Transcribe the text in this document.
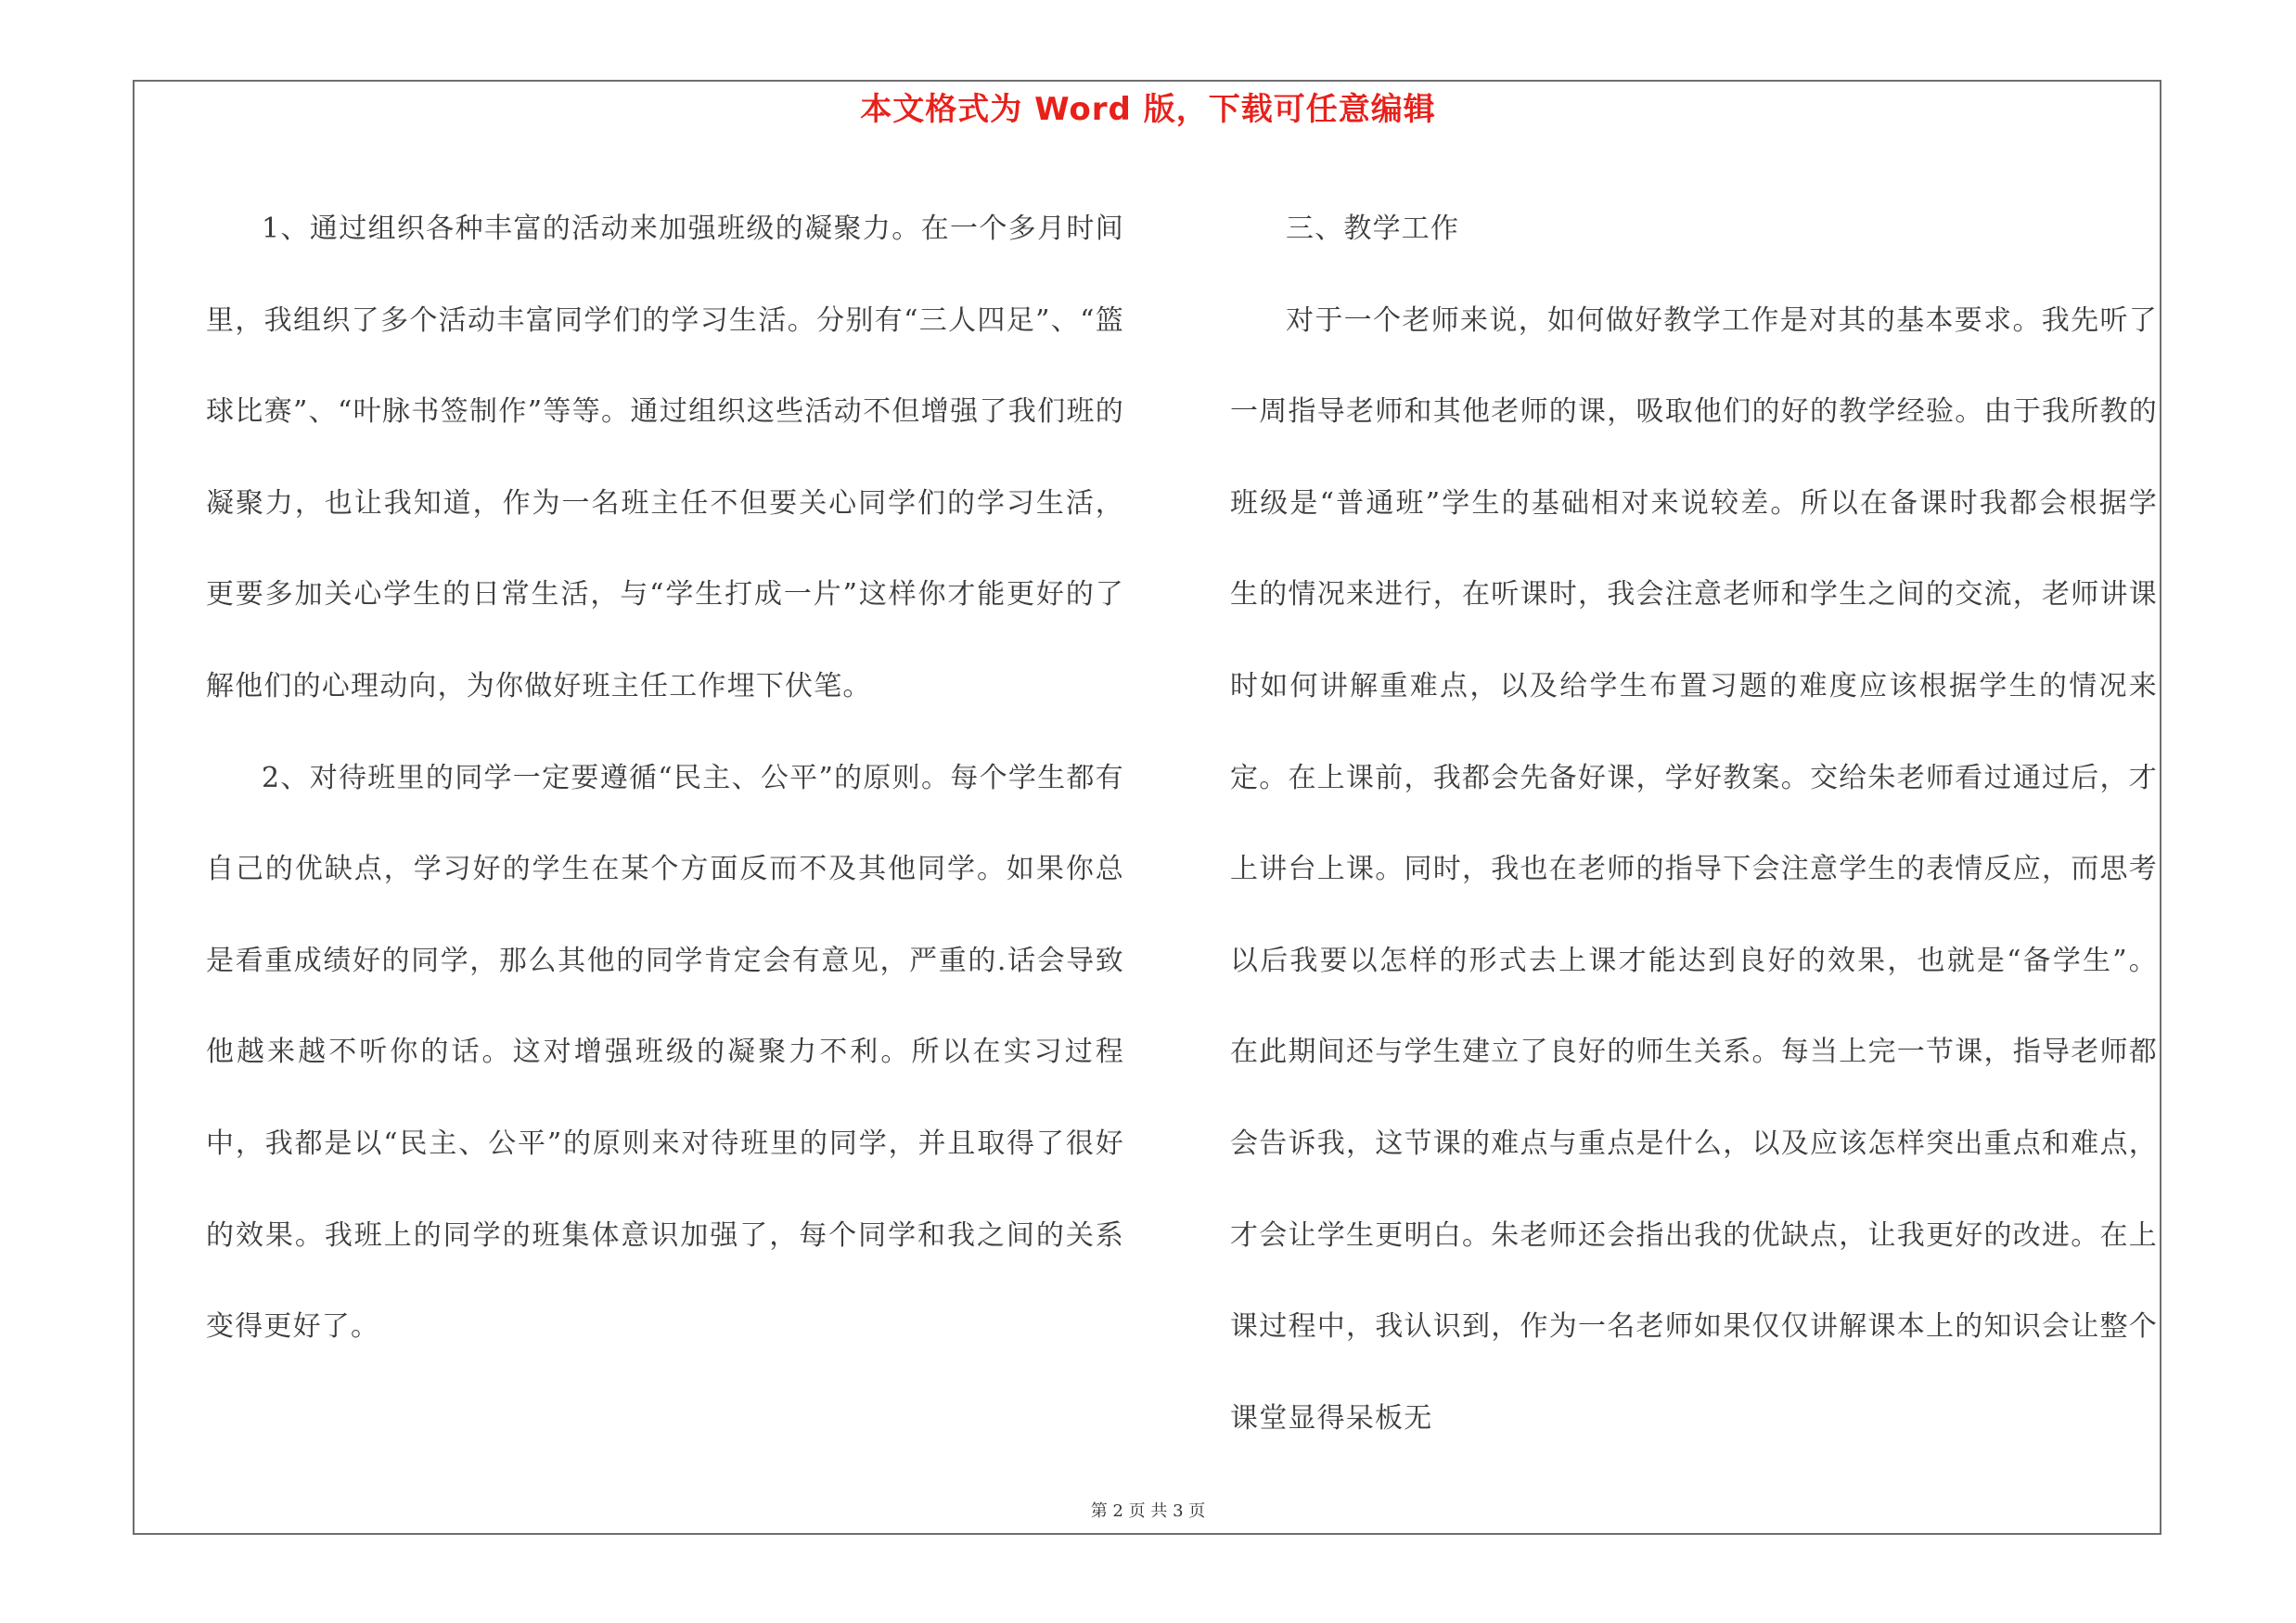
本文格式为 Word 版，下载可任意编辑

1、通过组织各种丰富的活动来加强班级的凝聚力。在一个多月时间里，我组织了多个活动丰富同学们的学习生活。分别有“三人四足”、“篮球比赛”、“叶脉书签制作”等等。通过组织这些活动不但增强了我们班的凝聚力，也让我知道，作为一名班主任不但要关心同学们的学习生活，更要多加关心学生的日常生活，与“学生打成一片”这样你才能更好的了解他们的心理动向，为你做好班主任工作埋下伏笔。

2、对待班里的同学一定要遵循“民主、公平”的原则。每个学生都有自己的优缺点，学习好的学生在某个方面反而不及其他同学。如果你总是看重成绩好的同学，那么其他的同学肯定会有意见，严重的.话会导致他越来越不听你的话。这对增强班级的凝聚力不利。所以在实习过程中，我都是以“民主、公平”的原则来对待班里的同学，并且取得了很好的效果。我班上的同学的班集体意识加强了，每个同学和我之间的关系变得更好了。

三、教学工作

对于一个老师来说，如何做好教学工作是对其的基本要求。我先听了一周指导老师和其他老师的课，吸取他们的好的教学经验。由于我所教的班级是“普通班”学生的基础相对来说较差。所以在备课时我都会根据学生的情况来进行，在听课时，我会注意老师和学生之间的交流，老师讲课时如何讲解重难点，以及给学生布置习题的难度应该根据学生的情况来定。在上课前，我都会先备好课，学好教案。交给朱老师看过通过后，才上讲台上课。同时，我也在老师的指导下会注意学生的表情反应，而思考以后我要以怎样的形式去上课才能达到良好的效果，也就是“备学生”。在此期间还与学生建立了良好的师生关系。每当上完一节课，指导老师都会告诉我，这节课的难点与重点是什么，以及应该怎样突出重点和难点，才会让学生更明白。朱老师还会指出我的优缺点，让我更好的改进。在上课过程中，我认识到，作为一名老师如果仅仅讲解课本上的知识会让整个课堂显得呆板无

第 2 页 共 3 页
